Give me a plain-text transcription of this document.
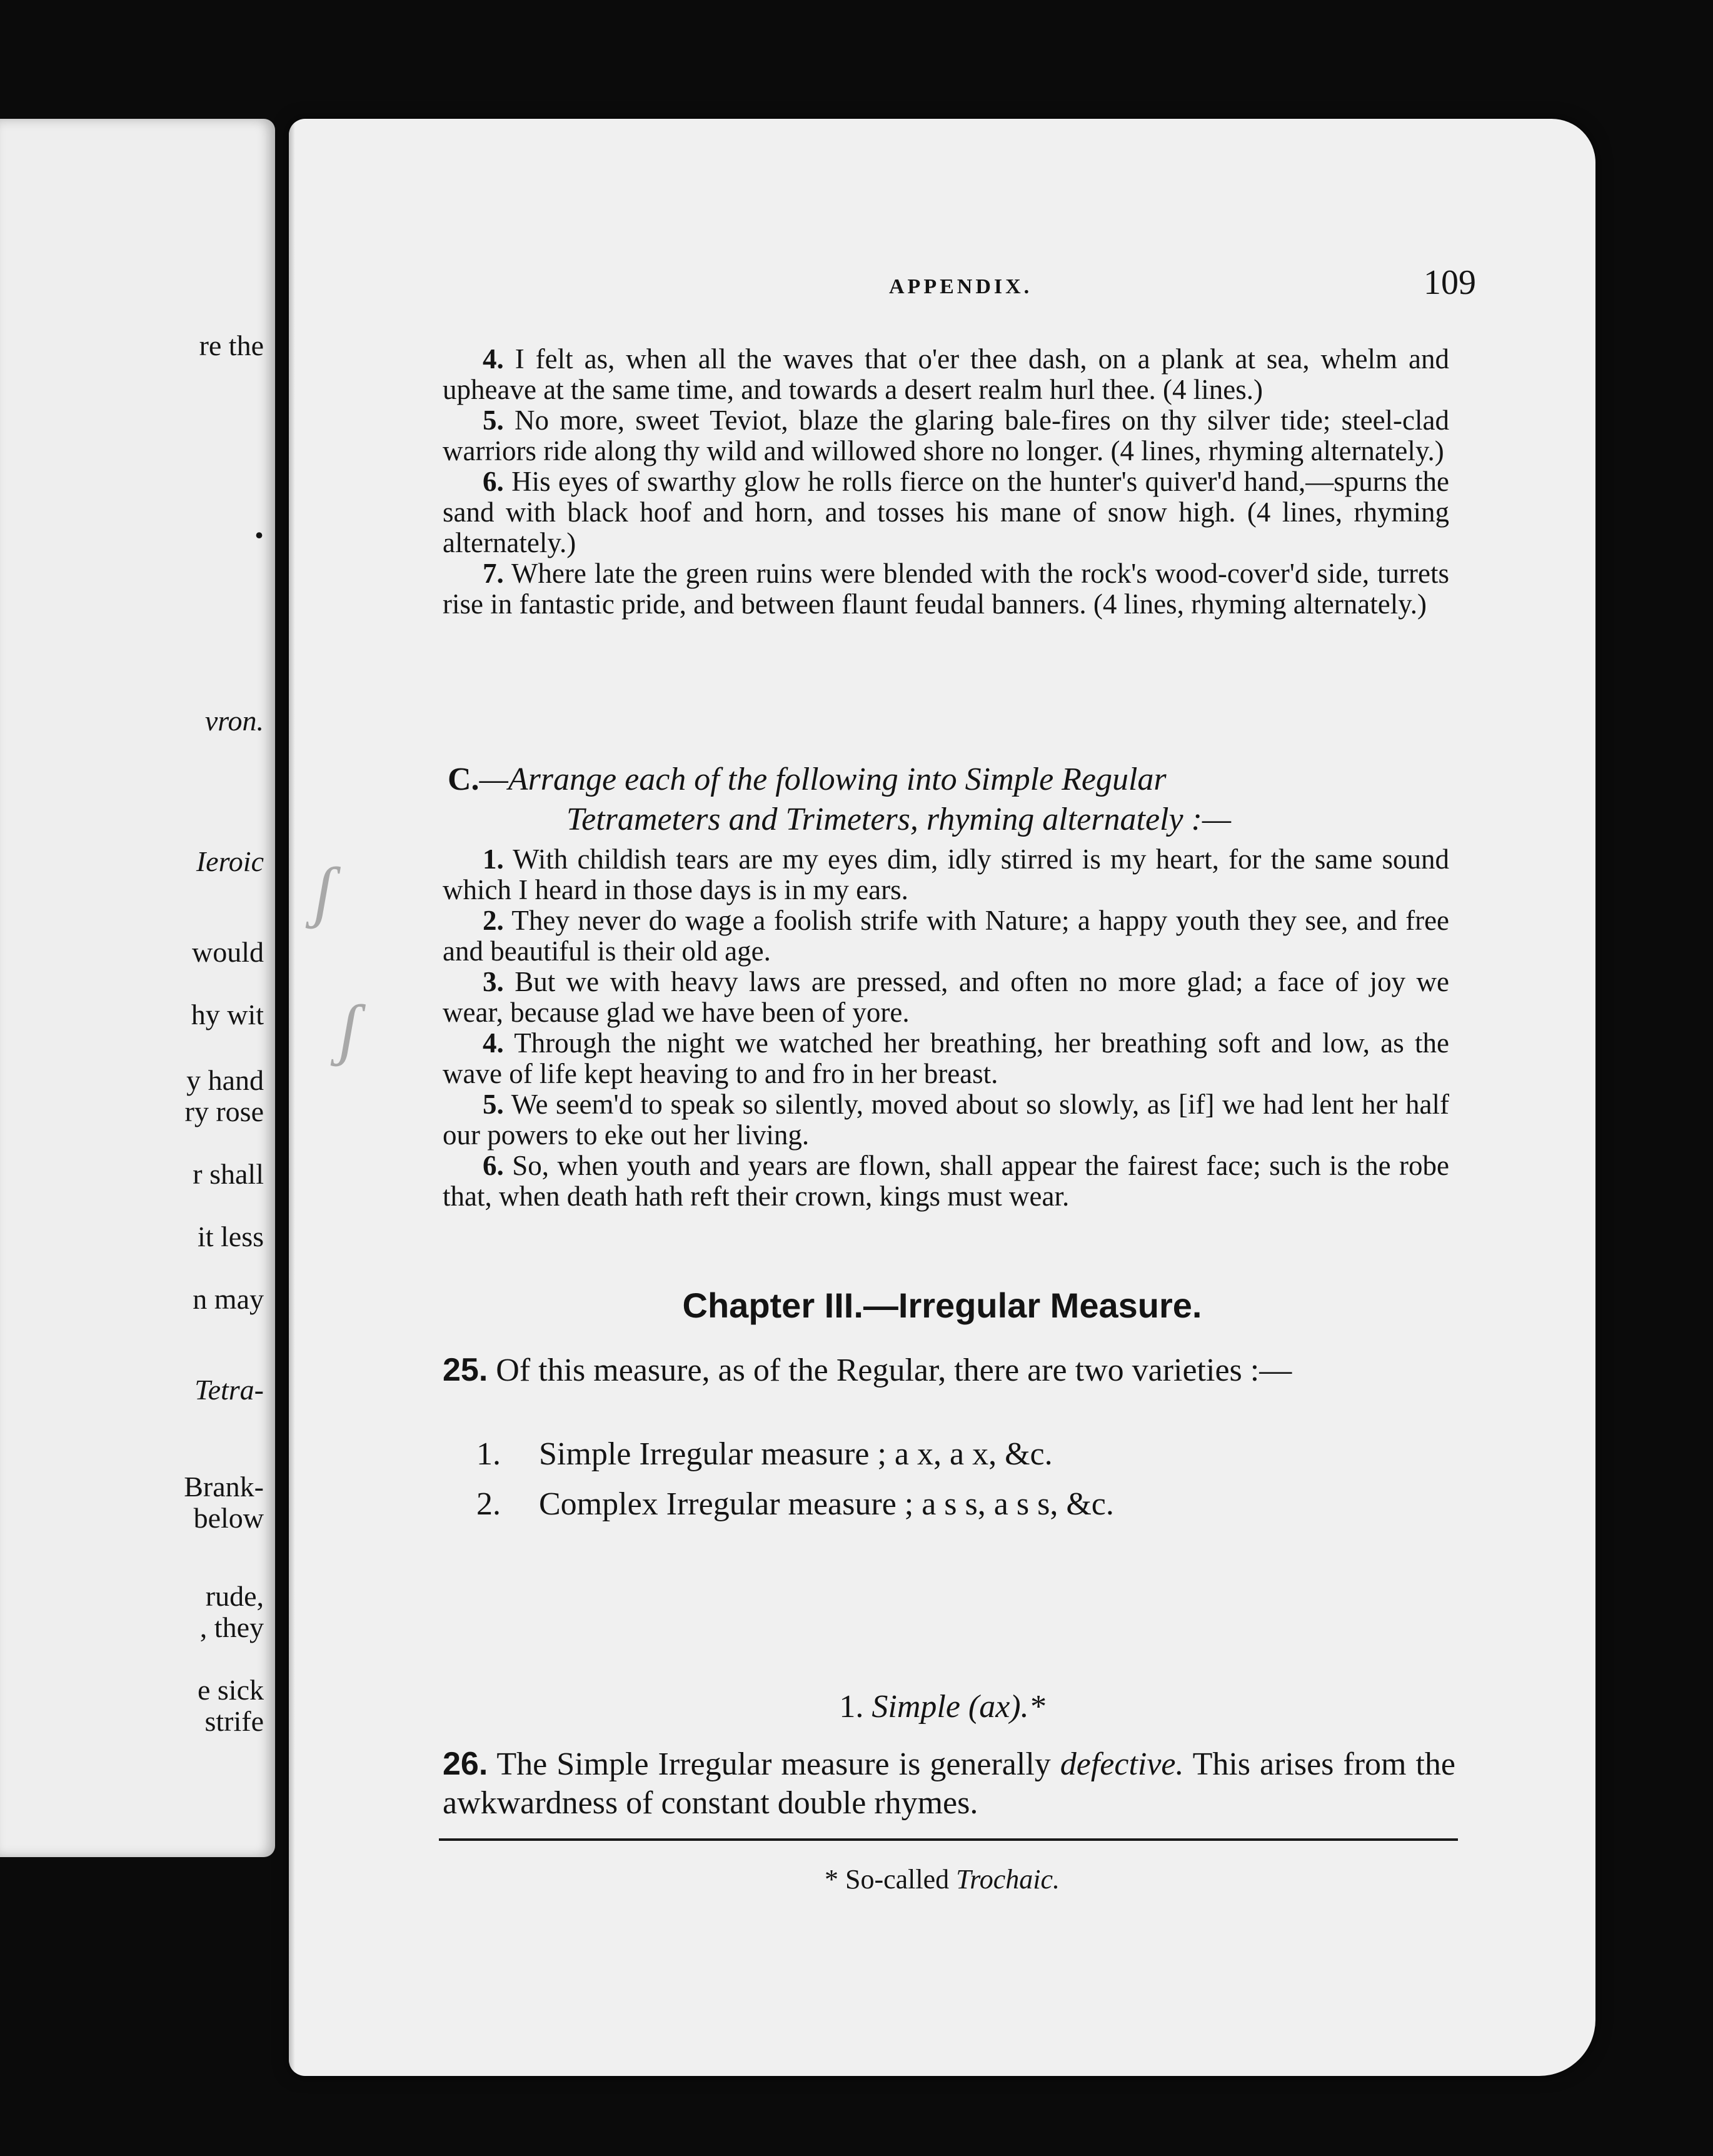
re the
.
vron.
Ieroic
would
hy wit
y hand
ry rose
r shall
it less
n may
Tetra-
Brank-
below
rude,
, they
e sick
strife
ʃ
ʃ
APPENDIX.	109

4. I felt as, when all the waves that o'er thee dash, on a plank at sea, whelm and upheave at the same time, and towards a desert realm hurl thee. (4 lines.)

5. No more, sweet Teviot, blaze the glaring bale-fires on thy silver tide; steel-clad warriors ride along thy wild and willowed shore no longer. (4 lines, rhyming alternately.)

6. His eyes of swarthy glow he rolls fierce on the hunter's quiver'd hand,—spurns the sand with black hoof and horn, and tosses his mane of snow high. (4 lines, rhyming alternately.)

7. Where late the green ruins were blended with the rock's wood-cover'd side, turrets rise in fantastic pride, and between flaunt feudal banners. (4 lines, rhyming alternately.)

C.—Arrange each of the following into Simple Regular
Tetrameters and Trimeters, rhyming alternately :—

1. With childish tears are my eyes dim, idly stirred is my heart, for the same sound which I heard in those days is in my ears.

2. They never do wage a foolish strife with Nature; a happy youth they see, and free and beautiful is their old age.

3. But we with heavy laws are pressed, and often no more glad; a face of joy we wear, because glad we have been of yore.

4. Through the night we watched her breathing, her breathing soft and low, as the wave of life kept heaving to and fro in her breast.

5. We seem'd to speak so silently, moved about so slowly, as [if] we had lent her half our powers to eke out her living.

6. So, when youth and years are flown, shall appear the fairest face; such is the robe that, when death hath reft their crown, kings must wear.

Chapter III.—Irregular Measure.

25. Of this measure, as of the Regular, there are two varieties :—

1. Simple Irregular measure ; a x, a x, &c.
2. Complex Irregular measure ; a s s, a s s, &c.
1. Simple (ax).*

26. The Simple Irregular measure is generally defective. This arises from the awkwardness of constant double rhymes.

* So-called Trochaic.
